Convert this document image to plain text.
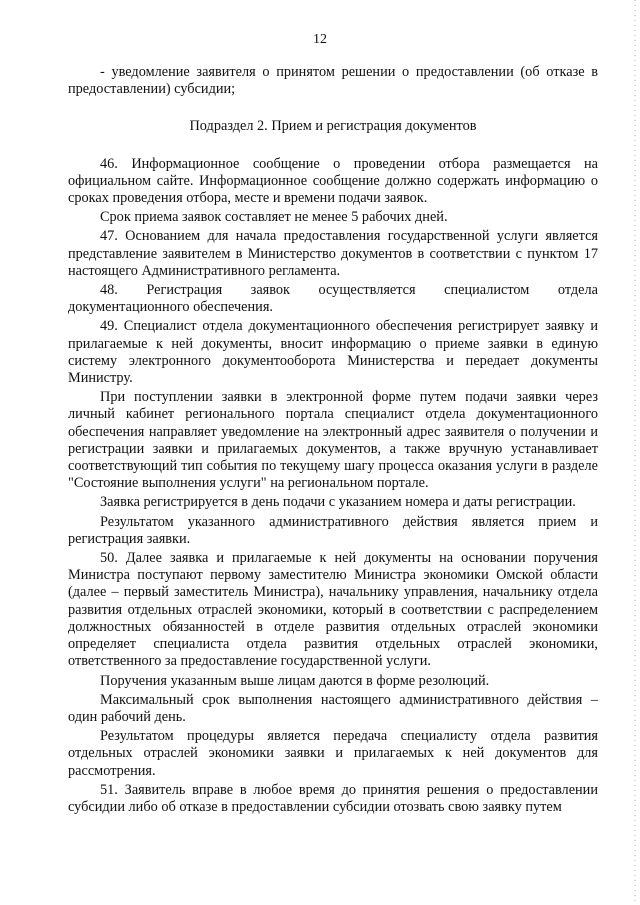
12

- уведомление заявителя о принятом решении о предоставлении (об отказе в предоставлении) субсидии;

Подраздел 2. Прием и регистрация документов

46. Информационное сообщение о проведении отбора размещается на официальном сайте. Информационное сообщение должно содержать информацию о сроках проведения отбора, месте и времени подачи заявок.

Срок приема заявок составляет не менее 5 рабочих дней.

47. Основанием для начала предоставления государственной услуги является представление заявителем в Министерство документов в соответствии с пунктом 17 настоящего Административного регламента.

48. Регистрация заявок осуществляется специалистом отдела документационного обеспечения.

49. Специалист отдела документационного обеспечения регистрирует заявку и прилагаемые к ней документы, вносит информацию о приеме заявки в единую систему электронного документооборота Министерства и передает документы Министру.

При поступлении заявки в электронной форме путем подачи заявки через личный кабинет регионального портала специалист отдела документационного обеспечения направляет уведомление на электронный адрес заявителя о получении и регистрации заявки и прилагаемых документов, а также вручную устанавливает соответствующий тип события по текущему шагу процесса оказания услуги в разделе "Состояние выполнения услуги" на региональном портале.

Заявка регистрируется в день подачи с указанием номера и даты регистрации.

Результатом указанного административного действия является прием и регистрация заявки.

50. Далее заявка и прилагаемые к ней документы на основании поручения Министра поступают первому заместителю Министра экономики Омской области (далее – первый заместитель Министра), начальнику управления, начальнику отдела развития отдельных отраслей экономики, который в соответствии с распределением должностных обязанностей в отделе развития отдельных отраслей экономики определяет специалиста отдела развития отдельных отраслей экономики, ответственного за предоставление государственной услуги.

Поручения указанным выше лицам даются в форме резолюций.

Максимальный срок выполнения настоящего административного действия – один рабочий день.

Результатом процедуры является передача специалисту отдела развития отдельных отраслей экономики заявки и прилагаемых к ней документов для рассмотрения.

51. Заявитель вправе в любое время до принятия решения о предоставлении субсидии либо об отказе в предоставлении субсидии отозвать свою заявку путем
